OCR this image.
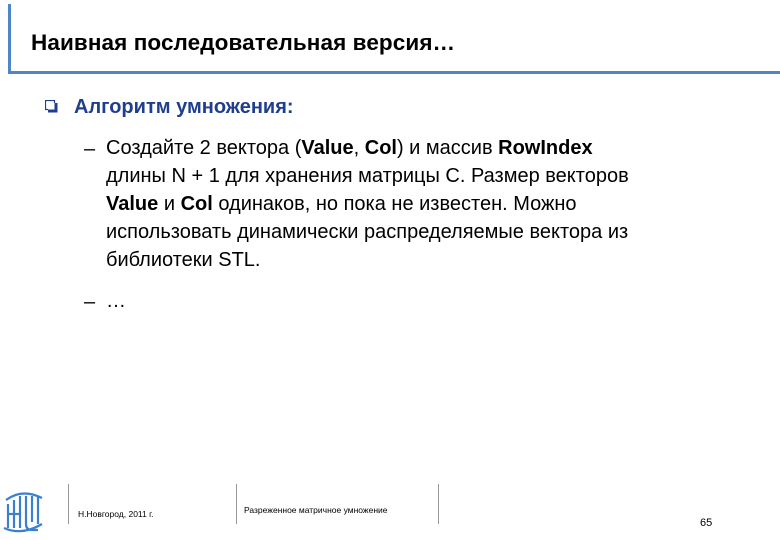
Наивная последовательная версия…
Алгоритм умножения:
– Создайте 2 вектора (Value, Col) и массив RowIndex
длины N + 1 для хранения матрицы C. Размер векторов
Value и Col одинаков, но пока не известен. Можно
использовать динамически распределяемые вектора из
библиотеки STL.
– …
Н.Новгород, 2011 г.	Разреженное матричное умножение
65
